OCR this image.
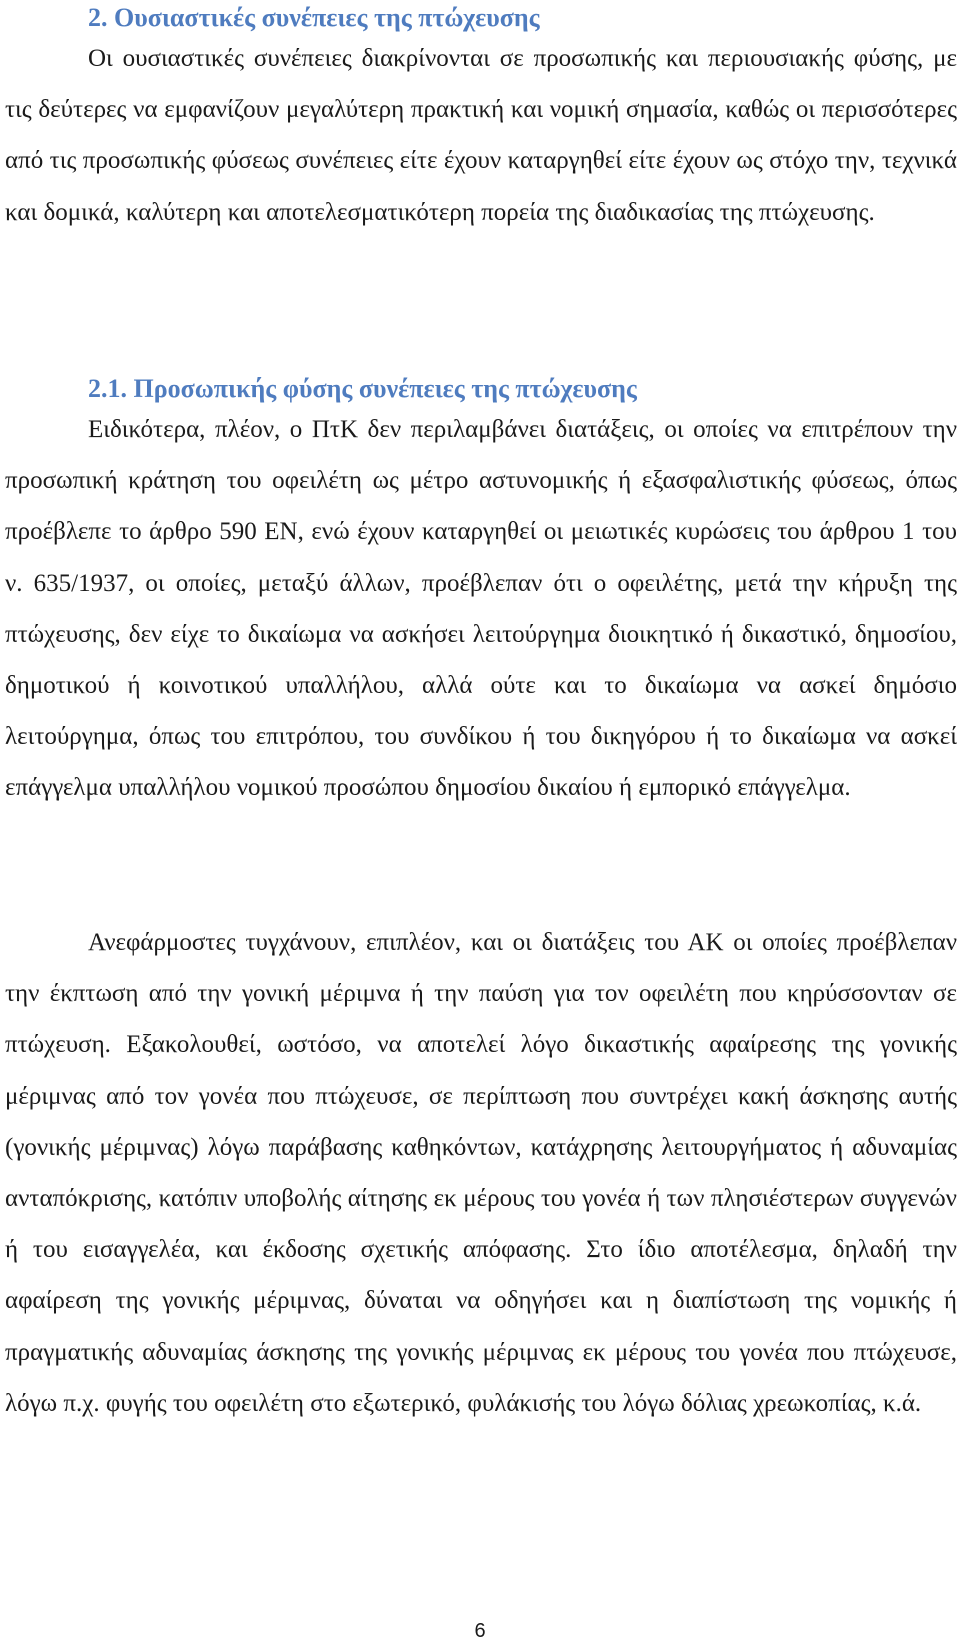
2. Ουσιαστικές συνέπειες της πτώχευσης

Οι ουσιαστικές συνέπειες διακρίνονται σε προσωπικής και περιουσιακής φύσης, με τις δεύτερες να εμφανίζουν μεγαλύτερη πρακτική και νομική σημασία, καθώς οι περισσότερες από τις προσωπικής φύσεως συνέπειες είτε έχουν καταργηθεί είτε έχουν ως στόχο την, τεχνικά και δομικά, καλύτερη και αποτελεσματικότερη πορεία της διαδικασίας της πτώχευσης.

2.1. Προσωπικής φύσης συνέπειες της πτώχευσης

Ειδικότερα, πλέον, ο ΠτΚ δεν περιλαμβάνει διατάξεις, οι οποίες να επιτρέπουν την προσωπική κράτηση του οφειλέτη ως μέτρο αστυνομικής ή εξασφαλιστικής φύσεως, όπως προέβλεπε το άρθρο 590 ΕΝ, ενώ έχουν καταργηθεί οι μειωτικές κυρώσεις του άρθρου 1 του ν. 635/1937, οι οποίες, μεταξύ άλλων, προέβλεπαν ότι ο οφειλέτης, μετά την κήρυξη της πτώχευσης, δεν είχε το δικαίωμα να ασκήσει λειτούργημα διοικητικό ή δικαστικό, δημοσίου, δημοτικού ή κοινοτικού υπαλλήλου, αλλά ούτε και το δικαίωμα να ασκεί δημόσιο λειτούργημα, όπως του επιτρόπου, του συνδίκου ή του δικηγόρου ή το δικαίωμα να ασκεί επάγγελμα υπαλλήλου νομικού προσώπου δημοσίου δικαίου ή εμπορικό επάγγελμα.

Ανεφάρμοστες τυγχάνουν, επιπλέον, και οι διατάξεις του ΑΚ οι οποίες προέβλεπαν την έκπτωση από την γονική μέριμνα ή την παύση για τον οφειλέτη που κηρύσσονταν σε πτώχευση. Εξακολουθεί, ωστόσο, να αποτελεί λόγο δικαστικής αφαίρεσης της γονικής μέριμνας από τον γονέα που πτώχευσε, σε περίπτωση που συντρέχει κακή άσκησης αυτής (γονικής μέριμνας) λόγω παράβασης καθηκόντων, κατάχρησης λειτουργήματος ή αδυναμίας ανταπόκρισης, κατόπιν υποβολής αίτησης εκ μέρους του γονέα ή των πλησιέστερων συγγενών ή του εισαγγελέα, και έκδοσης σχετικής απόφασης. Στο ίδιο αποτέλεσμα, δηλαδή την αφαίρεση της γονικής μέριμνας, δύναται να οδηγήσει και η διαπίστωση της νομικής ή πραγματικής αδυναμίας άσκησης της γονικής μέριμνας εκ μέρους του γονέα που πτώχευσε, λόγω π.χ. φυγής του οφειλέτη στο εξωτερικό, φυλάκισής του λόγω δόλιας χρεωκοπίας, κ.ά.

6
